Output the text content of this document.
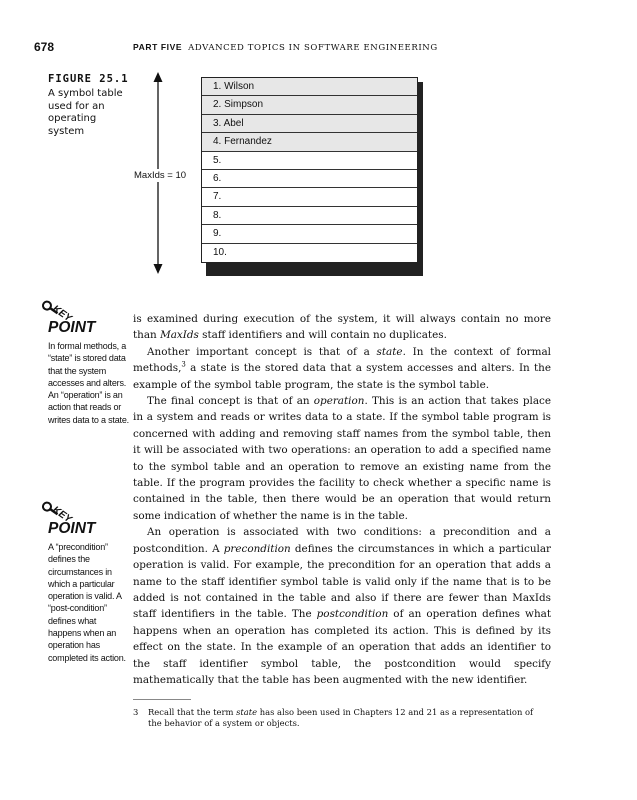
678	PART FIVE ADVANCED TOPICS IN SOFTWARE ENGINEERING
FIGURE 25.1
A symbol table used for an operating system
MaxIds = 10
1. Wilson
2. Simpson
3. Abel
4. Fernandez
5.
6.
7.
8.
9.
10.
KEY
POINT
In formal methods, a “state” is stored data that the system accesses and alters. An “operation” is an action that reads or writes data to a state.
KEY
POINT
A “precondition” defines the circumstances in which a particular operation is valid. A “post-condition” defines what happens when an operation has completed its action.

is examined during execution of the system, it will always contain no more than MaxIds staff identifiers and will contain no duplicates.

Another important concept is that of a state. In the context of formal methods,$^3$ a state is the stored data that a system accesses and alters. In the example of the symbol table program, the state is the symbol table.

The final concept is that of an operation. This is an action that takes place in a system and reads or writes data to a state. If the symbol table program is concerned with adding and removing staff names from the symbol table, then it will be associated with two operations: an operation to add a specified name to the symbol table and an operation to remove an existing name from the table. If the program provides the facility to check whether a specific name is contained in the table, then there would be an operation that would return some indication of whether the name is in the table.

An operation is associated with two conditions: a precondition and a postcondition. A precondition defines the circumstances in which a particular operation is valid. For example, the precondition for an operation that adds a name to the staff identifier symbol table is valid only if the name that is to be added is not contained in the table and also if there are fewer than MaxIds staff identifiers in the table. The postcondition of an operation defines what happens when an operation has completed its action. This is defined by its effect on the state. In the example of an operation that adds an identifier to the staff identifier symbol table, the postcondition would specify mathematically that the table has been augmented with the new identifier.

3 Recall that the term state has also been used in Chapters 12 and 21 as a representation of the behavior of a system or objects.
